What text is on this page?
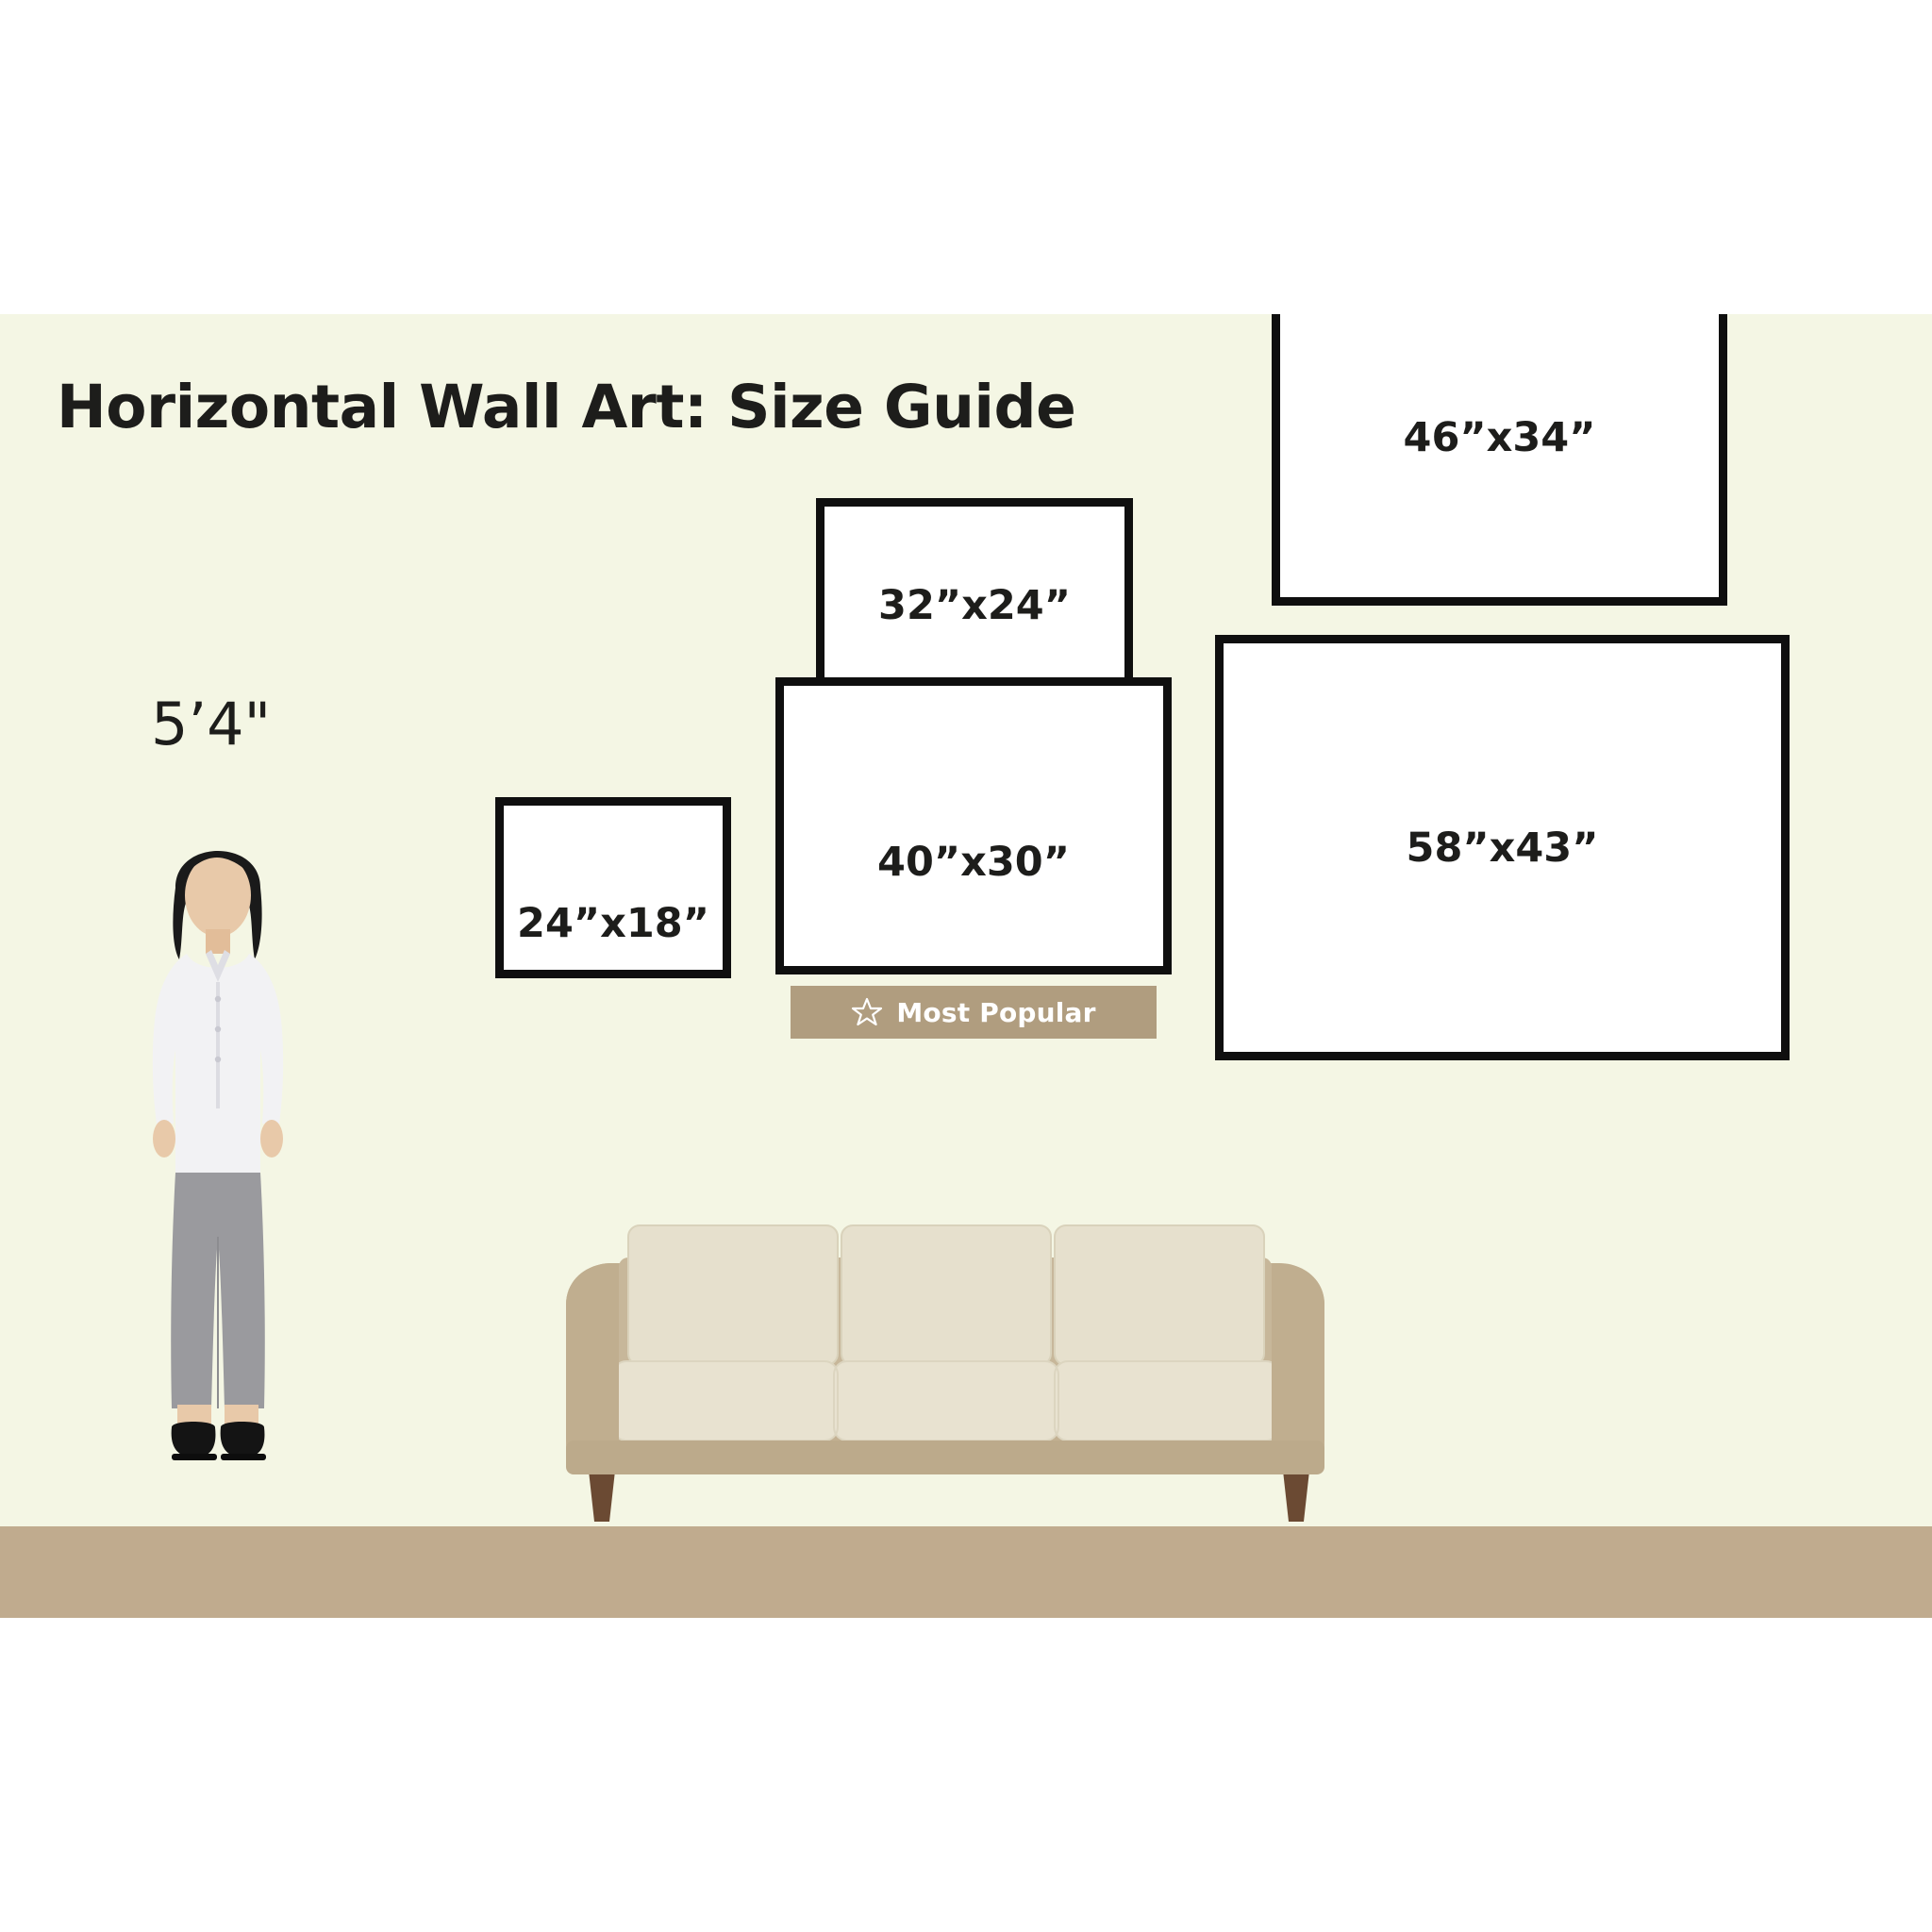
Horizontal Wall Art: Size Guide
5’4"
24”x18”
32”x24”
40”x30”
46”x34”
58”x43”
Most Popular
